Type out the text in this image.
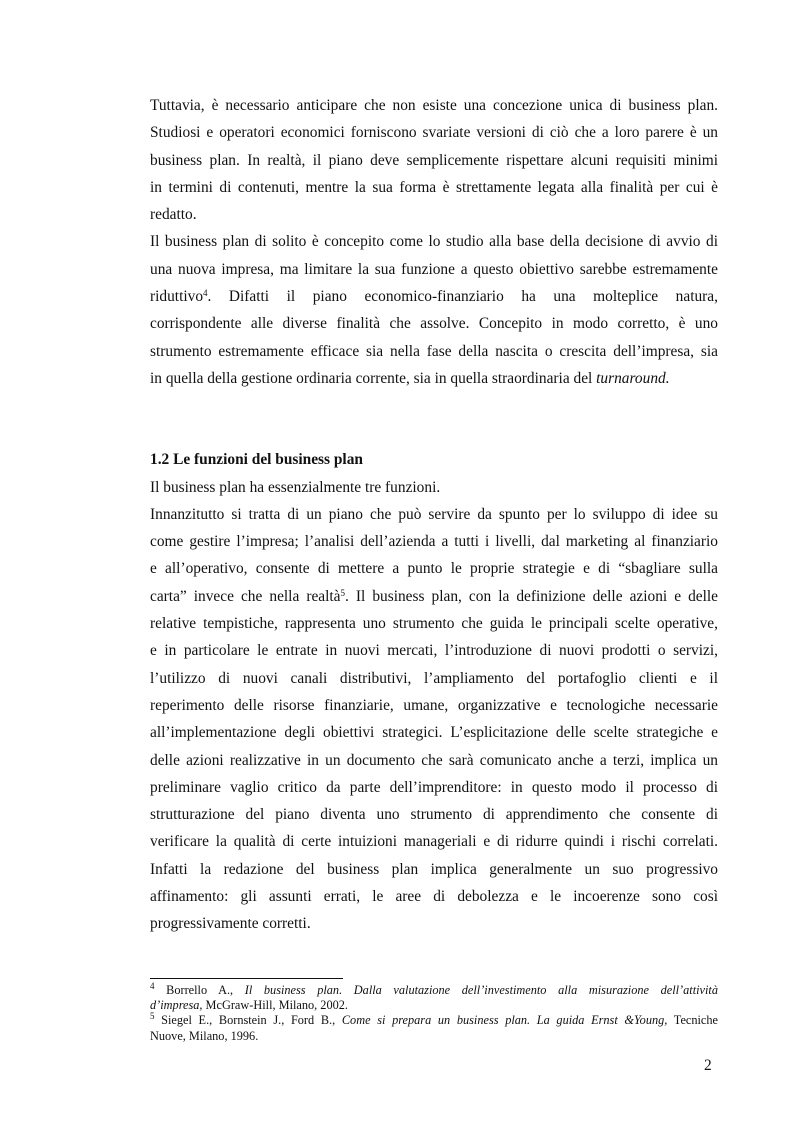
Tuttavia, è necessario anticipare che non esiste una concezione unica di business plan.
Studiosi e operatori economici forniscono svariate versioni di ciò che a loro parere è un
business plan. In realtà, il piano deve semplicemente rispettare alcuni requisiti minimi
in termini di contenuti, mentre la sua forma è strettamente legata alla finalità per cui è
redatto.
Il business plan di solito è concepito come lo studio alla base della decisione di avvio di
una nuova impresa, ma limitare la sua funzione a questo obiettivo sarebbe estremamente
riduttivo$^4$. Difatti il piano economico-finanziario ha una molteplice natura,
corrispondente alle diverse finalità che assolve. Concepito in modo corretto, è uno
strumento estremamente efficace sia nella fase della nascita o crescita dell’impresa, sia
in quella della gestione ordinaria corrente, sia in quella straordinaria del turnaround.
1.2 Le funzioni del business plan
Il business plan ha essenzialmente tre funzioni.
Innanzitutto si tratta di un piano che può servire da spunto per lo sviluppo di idee su
come gestire l’impresa; l’analisi dell’azienda a tutti i livelli, dal marketing al finanziario
e all’operativo, consente di mettere a punto le proprie strategie e di “sbagliare sulla
carta” invece che nella realtà$^5$. Il business plan, con la definizione delle azioni e delle
relative tempistiche, rappresenta uno strumento che guida le principali scelte operative,
e in particolare le entrate in nuovi mercati, l’introduzione di nuovi prodotti o servizi,
l’utilizzo di nuovi canali distributivi, l’ampliamento del portafoglio clienti e il
reperimento delle risorse finanziarie, umane, organizzative e tecnologiche necessarie
all’implementazione degli obiettivi strategici. L’esplicitazione delle scelte strategiche e
delle azioni realizzative in un documento che sarà comunicato anche a terzi, implica un
preliminare vaglio critico da parte dell’imprenditore: in questo modo il processo di
strutturazione del piano diventa uno strumento di apprendimento che consente di
verificare la qualità di certe intuizioni manageriali e di ridurre quindi i rischi correlati.
Infatti la redazione del business plan implica generalmente un suo progressivo
affinamento: gli assunti errati, le aree di debolezza e le incoerenze sono così
progressivamente corretti.
$^4$ Borrello A., Il business plan. Dalla valutazione dell’investimento alla misurazione dell’attività
d’impresa, McGraw-Hill, Milano, 2002.
$^5$ Siegel E., Bornstein J., Ford B., Come si prepara un business plan. La guida Ernst &Young, Tecniche
Nuove, Milano, 1996.
2
